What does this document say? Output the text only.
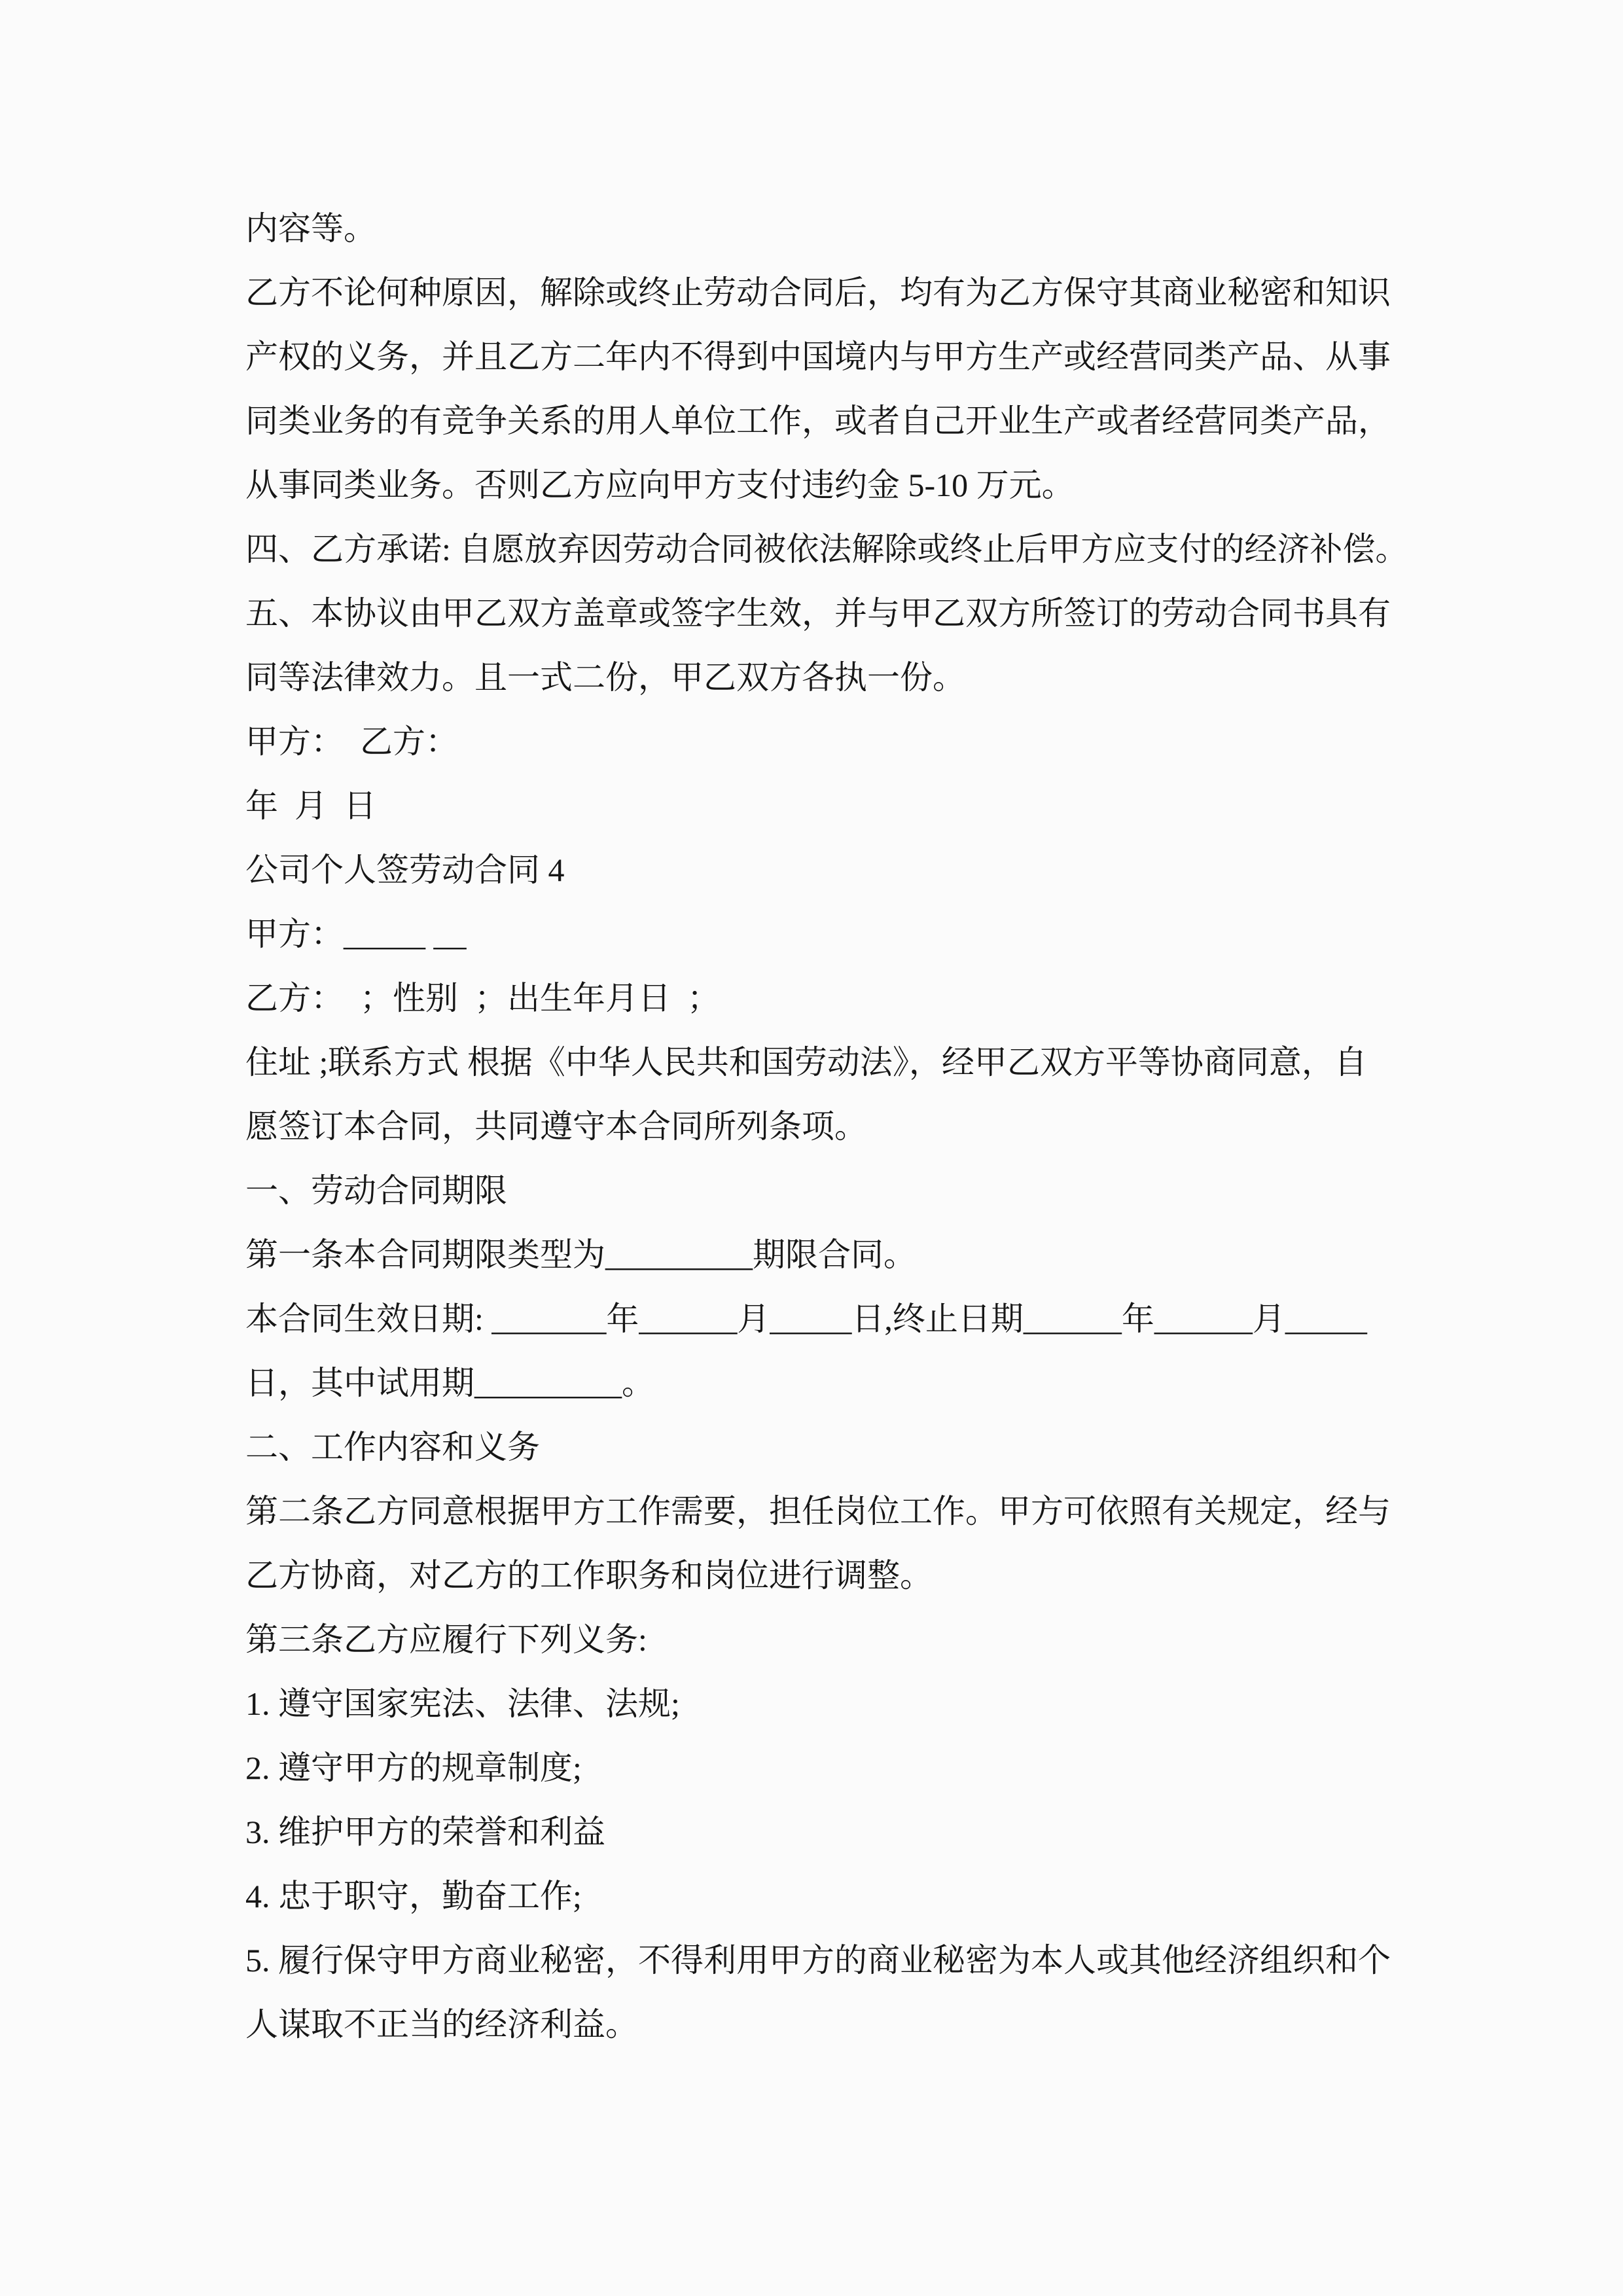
内容等。
乙方不论何种原因，解除或终止劳动合同后，均有为乙方保守其商业秘密和知识
产权的义务，并且乙方二年内不得到中国境内与甲方生产或经营同类产品、从事
同类业务的有竞争关系的用人单位工作，或者自己开业生产或者经营同类产品，
从事同类业务。否则乙方应向甲方支付违约金 5-10 万元。
四、乙方承诺: 自愿放弃因劳动合同被依法解除或终止后甲方应支付的经济补偿。
五、本协议由甲乙双方盖章或签字生效，并与甲乙双方所签订的劳动合同书具有
同等法律效力。且一式二份，甲乙双方各执一份。
甲方：  乙方：
年  月  日
公司个人签劳动合同 4
甲方：_____ __
乙方：  ；性别  ；出生年月日  ；
住址 ;联系方式 根据《中华人民共和国劳动法》，经甲乙双方平等协商同意，自
愿签订本合同，共同遵守本合同所列条项。
一、劳动合同期限
第一条本合同期限类型为_________期限合同。
本合同生效日期: _______年______月_____日,终止日期______年______月_____
日，其中试用期_________。
二、工作内容和义务
第二条乙方同意根据甲方工作需要，担任岗位工作。甲方可依照有关规定，经与
乙方协商，对乙方的工作职务和岗位进行调整。
第三条乙方应履行下列义务:
1. 遵守国家宪法、法律、法规;
2. 遵守甲方的规章制度;
3. 维护甲方的荣誉和利益
4. 忠于职守，勤奋工作;
5. 履行保守甲方商业秘密，不得利用甲方的商业秘密为本人或其他经济组织和个
人谋取不正当的经济利益。
